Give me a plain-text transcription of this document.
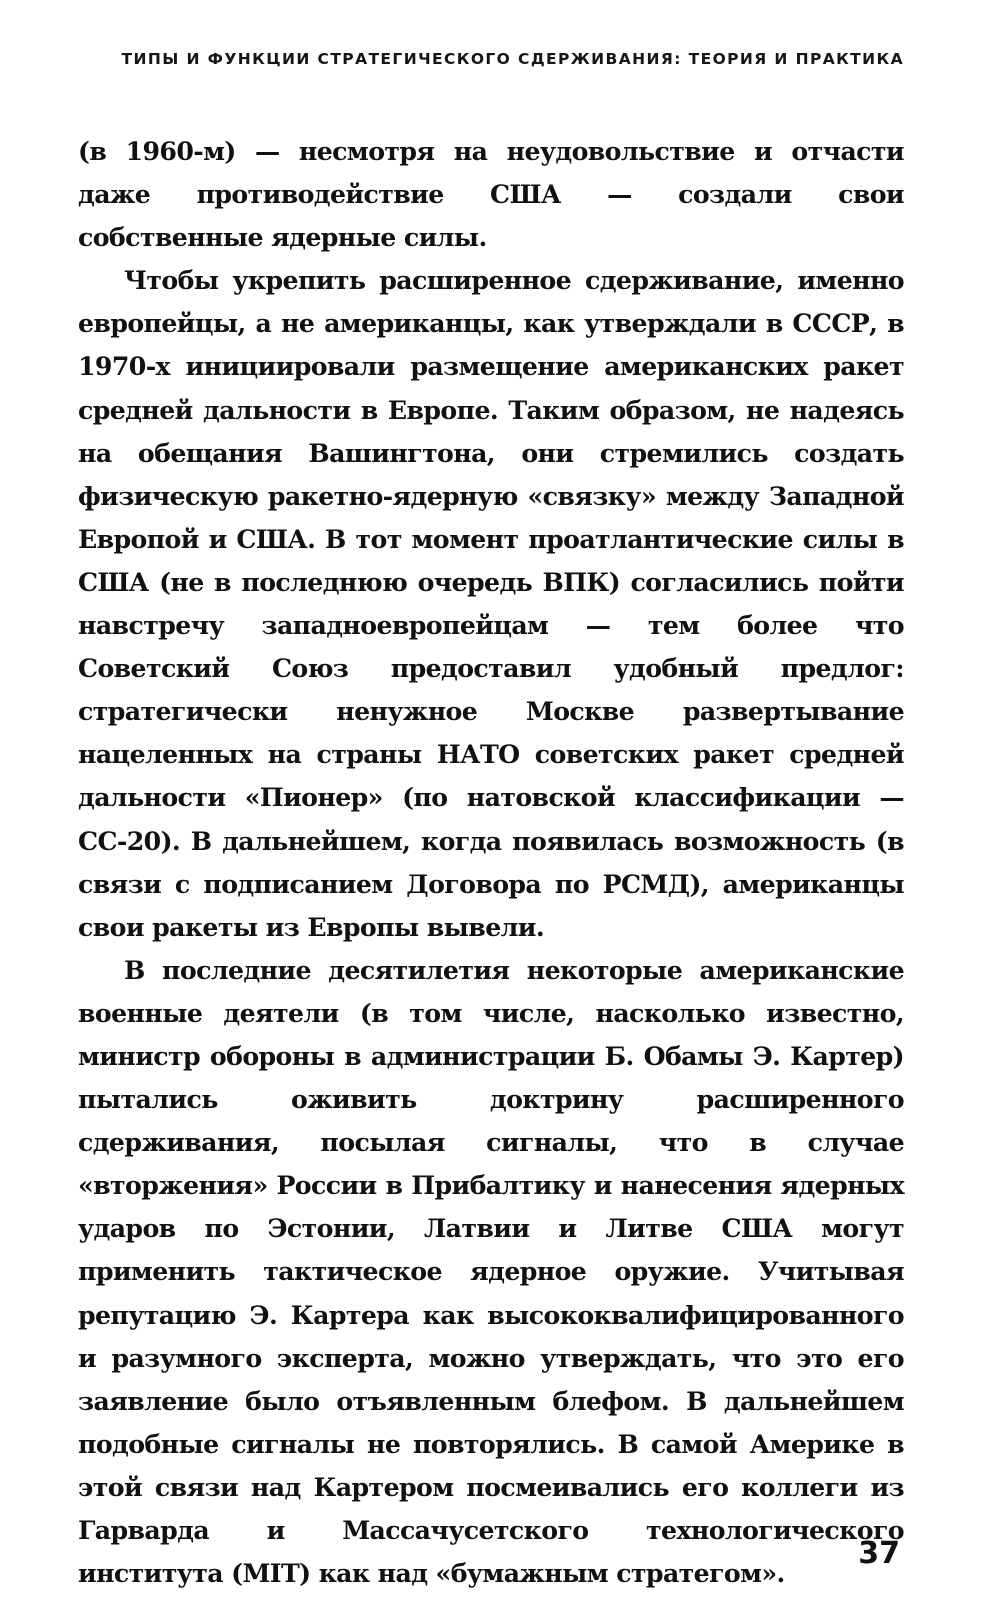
ТИПЫ И ФУНКЦИИ СТРАТЕГИЧЕСКОГО СДЕРЖИВАНИЯ: ТЕОРИЯ И ПРАКТИКА

(в 1960-м) — несмотря на неудовольствие и отчасти даже противодействие США — создали свои собственные ядерные силы.

Чтобы укрепить расширенное сдерживание, именно европейцы, а не американцы, как утверждали в СССР, в 1970-х инициировали размещение американских ракет средней дальности в Европе. Таким образом, не надеясь на обещания Вашингтона, они стремились создать физическую ракетно-ядерную «связку» между Западной Европой и США. В тот момент проатлантические силы в США (не в последнюю очередь ВПК) согласились пойти навстречу западноевропейцам — тем более что Советский Союз предоставил удобный предлог: стратегически ненужное Москве развертывание нацеленных на страны НАТО советских ракет средней дальности «Пионер» (по натовской классификации — СС-20). В дальнейшем, когда появилась возможность (в связи с подписанием Договора по РСМД), американцы свои ракеты из Европы вывели.

В последние десятилетия некоторые американские военные деятели (в том числе, насколько известно, министр обороны в администрации Б. Обамы Э. Картер) пытались оживить доктрину расширенного сдерживания, посылая сигналы, что в случае «вторжения» России в Прибалтику и нанесения ядерных ударов по Эстонии, Латвии и Литве США могут применить тактическое ядерное оружие. Учитывая репутацию Э. Картера как высококвалифицированного и разумного эксперта, можно утверждать, что это его заявление было отъявленным блефом. В дальнейшем подобные сигналы не повторялись. В самой Америке в этой связи над Картером посмеивались его коллеги из Гарварда и Массачусетского технологического института (MIT) как над «бумажным стратегом».

37
